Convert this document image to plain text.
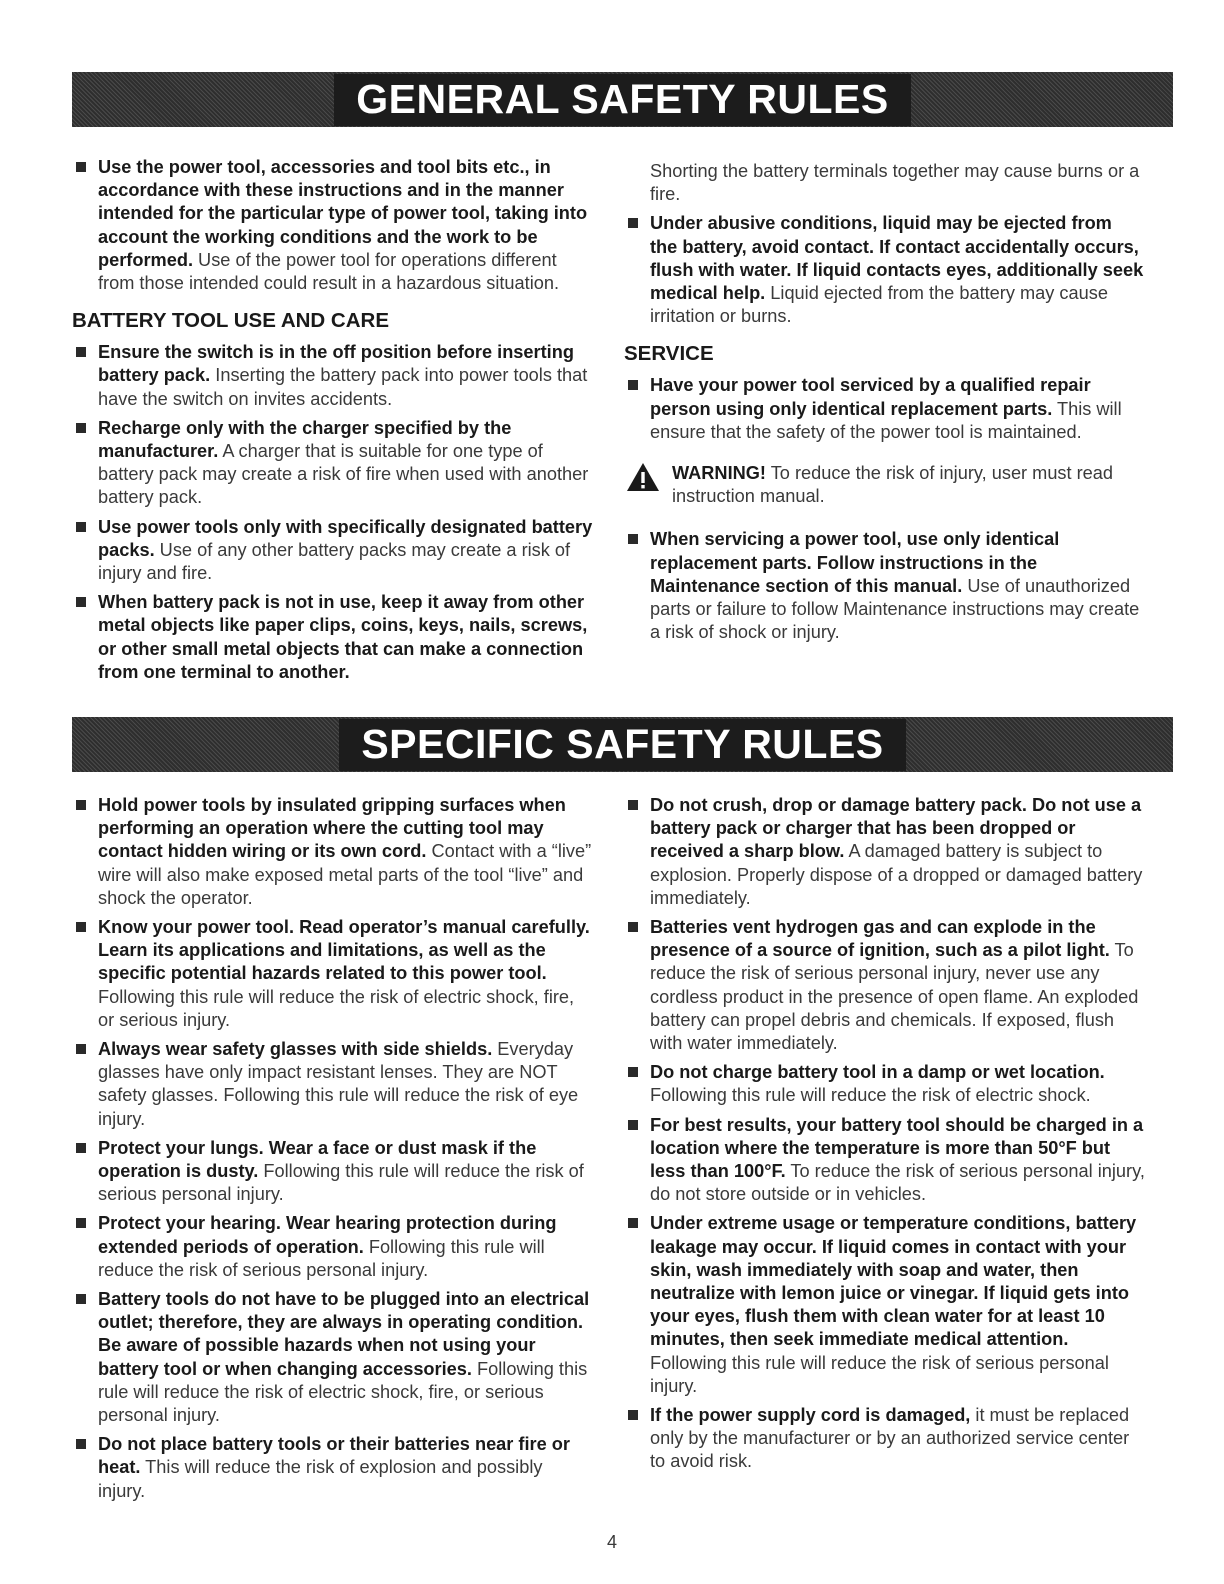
GENERAL SAFETY RULES
Use the power tool, accessories and tool bits etc., in accordance with these instructions and in the manner intended for the particular type of power tool, taking into account the working conditions and the work to be performed. Use of the power tool for operations different from those intended could result in a hazardous situation.
BATTERY TOOL USE AND CARE
Ensure the switch is in the off position before inserting battery pack. Inserting the battery pack into power tools that have the switch on invites accidents.
Recharge only with the charger specified by the manufacturer. A charger that is suitable for one type of battery pack may create a risk of fire when used with another battery pack.
Use power tools only with specifically designated battery packs. Use of any other battery packs may create a risk of injury and fire.
When battery pack is not in use, keep it away from other metal objects like paper clips, coins, keys, nails, screws, or other small metal objects that can make a connection from one terminal to another.
Shorting the battery terminals together may cause burns or a fire.
Under abusive conditions, liquid may be ejected from the battery, avoid contact. If contact accidentally occurs, flush with water. If liquid contacts eyes, additionally seek medical help. Liquid ejected from the battery may cause irritation or burns.
SERVICE
Have your power tool serviced by a qualified repair person using only identical replacement parts. This will ensure that the safety of the power tool is maintained.
WARNING! To reduce the risk of injury, user must read instruction manual.
When servicing a power tool, use only identical replacement parts. Follow instructions in the Maintenance section of this manual. Use of unauthorized parts or failure to follow Maintenance instructions may create a risk of shock or injury.
SPECIFIC SAFETY RULES
Hold power tools by insulated gripping surfaces when performing an operation where the cutting tool may contact hidden wiring or its own cord. Contact with a “live” wire will also make exposed metal parts of the tool “live” and shock the operator.
Know your power tool. Read operator’s manual carefully. Learn its applications and limitations, as well as the specific potential hazards related to this power tool. Following this rule will reduce the risk of electric shock, fire, or serious injury.
Always wear safety glasses with side shields. Everyday glasses have only impact resistant lenses. They are NOT safety glasses. Following this rule will reduce the risk of eye injury.
Protect your lungs. Wear a face or dust mask if the operation is dusty. Following this rule will reduce the risk of serious personal injury.
Protect your hearing. Wear hearing protection during extended periods of operation. Following this rule will reduce the risk of serious personal injury.
Battery tools do not have to be plugged into an electrical outlet; therefore, they are always in operating condition. Be aware of possible hazards when not using your battery tool or when changing accessories. Following this rule will reduce the risk of electric shock, fire, or serious personal injury.
Do not place battery tools or their batteries near fire or heat. This will reduce the risk of explosion and possibly injury.
Do not crush, drop or damage battery pack. Do not use a battery pack or charger that has been dropped or received a sharp blow. A damaged battery is subject to explosion. Properly dispose of a dropped or damaged battery immediately.
Batteries vent hydrogen gas and can explode in the presence of a source of ignition, such as a pilot light. To reduce the risk of serious personal injury, never use any cordless product in the presence of open flame. An exploded battery can propel debris and chemicals. If exposed, flush with water immediately.
Do not charge battery tool in a damp or wet location. Following this rule will reduce the risk of electric shock.
For best results, your battery tool should be charged in a location where the temperature is more than 50°F but less than 100°F. To reduce the risk of serious personal injury, do not store outside or in vehicles.
Under extreme usage or temperature conditions, battery leakage may occur. If liquid comes in contact with your skin, wash immediately with soap and water, then neutralize with lemon juice or vinegar. If liquid gets into your eyes, flush them with clean water for at least 10 minutes, then seek immediate medical attention. Following this rule will reduce the risk of serious personal injury.
If the power supply cord is damaged, it must be replaced only by the manufacturer or by an authorized service center to avoid risk.
4
